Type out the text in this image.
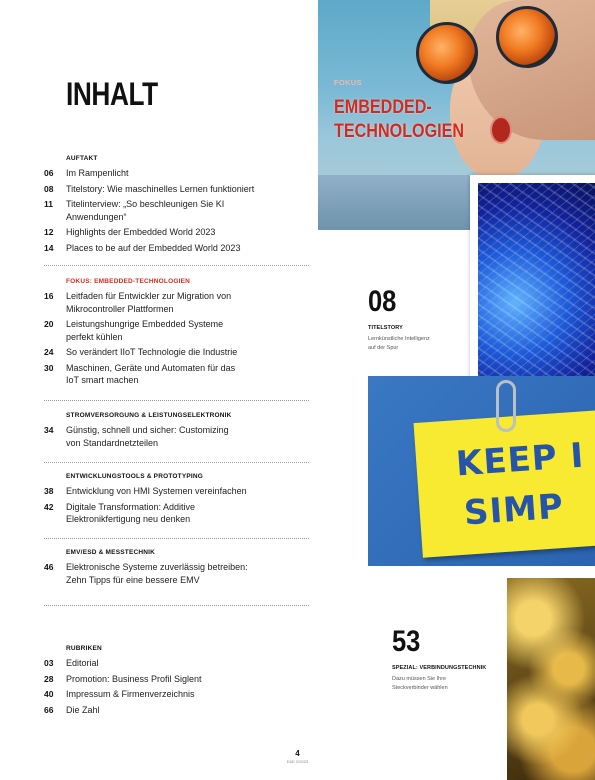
INHALT
AUFTAKT
06	Im Rampenlicht
08	Titelstory: Wie maschinelles Lernen funktioniert
11	Titelinterview: „So beschleunigen Sie KI Anwendungen“
12	Highlights der Embedded World 2023
14	Places to be auf der Embedded World 2023
FOKUS: EMBEDDED-TECHNOLOGIEN
16	Leitfaden für Entwickler zur Migration von Mikrocontroller Plattformen
20	Leistungshungrige Embedded Systeme perfekt kühlen
24	So verändert IIoT Technologie die Industrie
30	Maschinen, Geräte und Automaten für das IoT smart machen
STROMVERSORGUNG & LEISTUNGSELEKTRONIK
34	Günstig, schnell und sicher: Customizing von Standardnetzteilen
ENTWICKLUNGSTOOLS & PROTOTYPING
38	Entwicklung von HMI Systemen vereinfachen
42	Digitale Transformation: Additive Elektronikfertigung neu denken
EMV/ESD & MESSTECHNIK
46	Elektronische Systeme zuverlässig betreiben: Zehn Tipps für eine bessere EMV
RUBRIKEN
03	Editorial
28	Promotion: Business Profil Siglent
40	Impressum & Firmenverzeichnis
66	Die Zahl
FOKUS
EMBEDDED-
TECHNOLOGIEN
08
TITELSTORY
Lernkünstliche Intelligenz
auf der Spur
KEEP I
SIMP
53
SPEZIAL: VERBINDUNGSTECHNIK
Dazu müssen Sie Ihre
Steckverbinder wählen
4
E&E 2/2023
